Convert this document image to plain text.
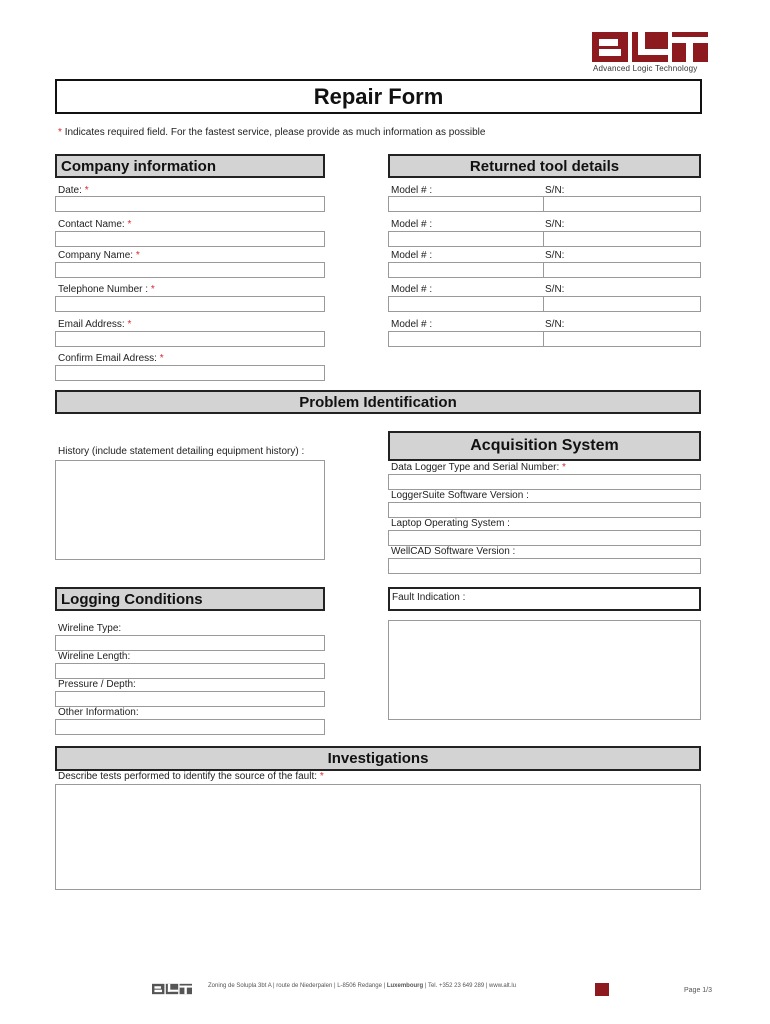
Advanced Logic Technology
Repair Form
* Indicates required field. For the fastest service, please provide as much information as possible
Company information
Date: *
Contact Name: *
Company Name: *
Telephone Number : *
Email Address: *
Confirm Email Adress: *
Returned tool details
Model # :	S/N:
Model # :	S/N:
Model # :	S/N:
Model # :	S/N:
Model # :	S/N:
Problem Identification
History (include statement detailing equipment history) :	Acquisition System
Data Logger Type and Serial Number: *
LoggerSuite Software Version :
Laptop Operating System :
WellCAD Software Version :
Logging Conditions
Wireline Type:
Wireline Length:
Pressure / Depth:
Other Information:
Fault Indication :
Investigations
Describe tests performed to identify the source of the fault: *
Zoning de Solupla 3bt A | route de Niederpalen | L-8506 Redange | Luxembourg | Tel. +352 23 649 289 | www.alt.lu
Page 1/3
